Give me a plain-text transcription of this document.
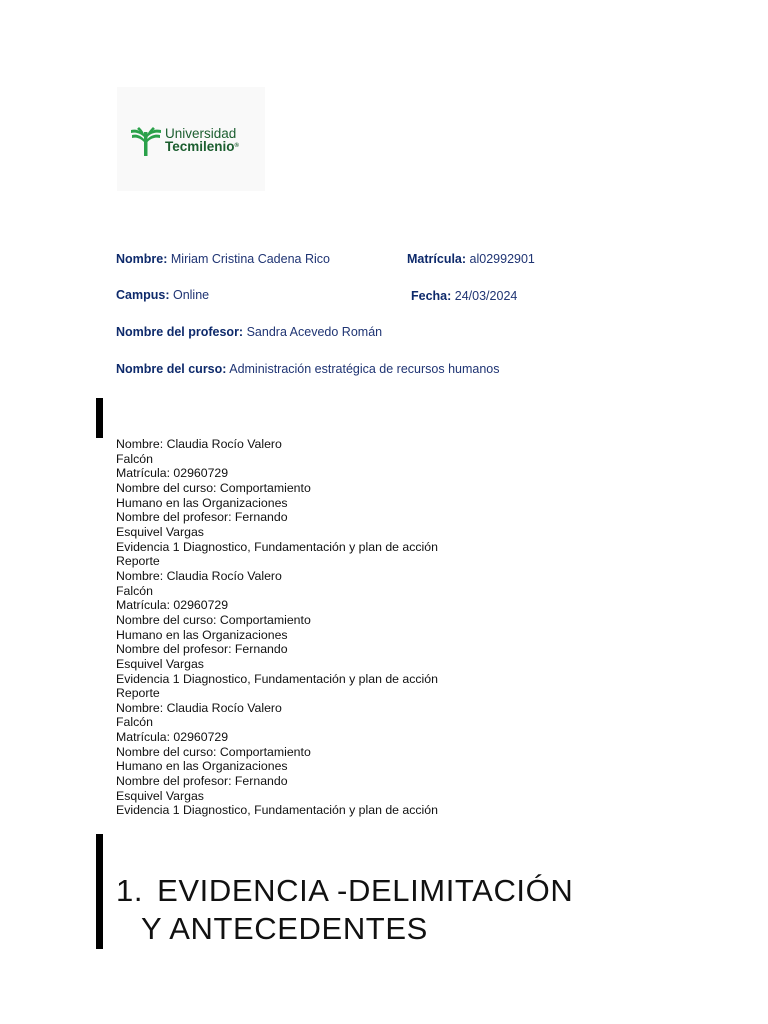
Universidad
Tecmilenio®
Nombre: Miriam Cristina Cadena Rico	Matrícula: al02992901
Campus: Online	Fecha: 24/03/2024
Nombre del profesor: Sandra Acevedo Román
Nombre del curso: Administración estratégica de recursos humanos
Nombre: Claudia Rocío Valero
Falcón
Matrícula: 02960729
Nombre del curso: Comportamiento
Humano en las Organizaciones
Nombre del profesor: Fernando
Esquivel Vargas
Evidencia 1 Diagnostico, Fundamentación y plan de acción
Reporte
Nombre: Claudia Rocío Valero
Falcón
Matrícula: 02960729
Nombre del curso: Comportamiento
Humano en las Organizaciones
Nombre del profesor: Fernando
Esquivel Vargas
Evidencia 1 Diagnostico, Fundamentación y plan de acción
Reporte
Nombre: Claudia Rocío Valero
Falcón
Matrícula: 02960729
Nombre del curso: Comportamiento
Humano en las Organizaciones
Nombre del profesor: Fernando
Esquivel Vargas
Evidencia 1 Diagnostico, Fundamentación y plan de acción
1. EVIDENCIA -DELIMITACIÓN
Y ANTECEDENTES
